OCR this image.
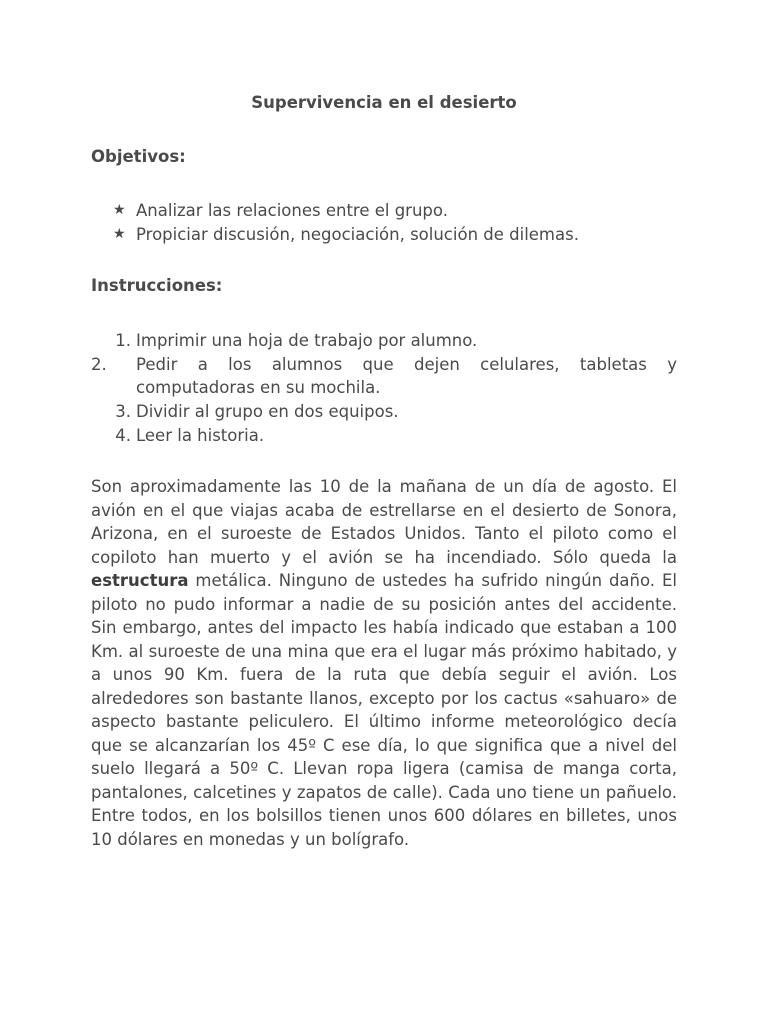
Supervivencia en el desierto
Objetivos:
★ Analizar las relaciones entre el grupo.
★ Propiciar discusión, negociación, solución de dilemas.
Instrucciones:
1. Imprimir una hoja de trabajo por alumno.
2.	Pedir a los alumnos que dejen celulares, tabletas y computadoras en su mochila.
3. Dividir al grupo en dos equipos.
4. Leer la historia.

Son aproximadamente las 10 de la mañana de un día de agosto. El avión en el que viajas acaba de estrellarse en el desierto de Sonora, Arizona, en el suroeste de Estados Unidos. Tanto el piloto como el copiloto han muerto y el avión se ha incendiado. Sólo queda la estructura metálica. Ninguno de ustedes ha sufrido ningún daño. El piloto no pudo informar a nadie de su posición antes del accidente. Sin embargo, antes del impacto les había indicado que estaban a 100 Km. al suroeste de una mina que era el lugar más próximo habitado, y a unos 90 Km. fuera de la ruta que debía seguir el avión. Los alrededores son bastante llanos, excepto por los cactus «sahuaro» de aspecto bastante peliculero. El último informe meteorológico decía que se alcanzarían los 45º C ese día, lo que significa que a nivel del suelo llegará a 50º C. Llevan ropa ligera (camisa de manga corta, pantalones, calcetines y zapatos de calle). Cada uno tiene un pañuelo. Entre todos, en los bolsillos tienen unos 600 dólares en billetes, unos 10 dólares en monedas y un bolígrafo.
